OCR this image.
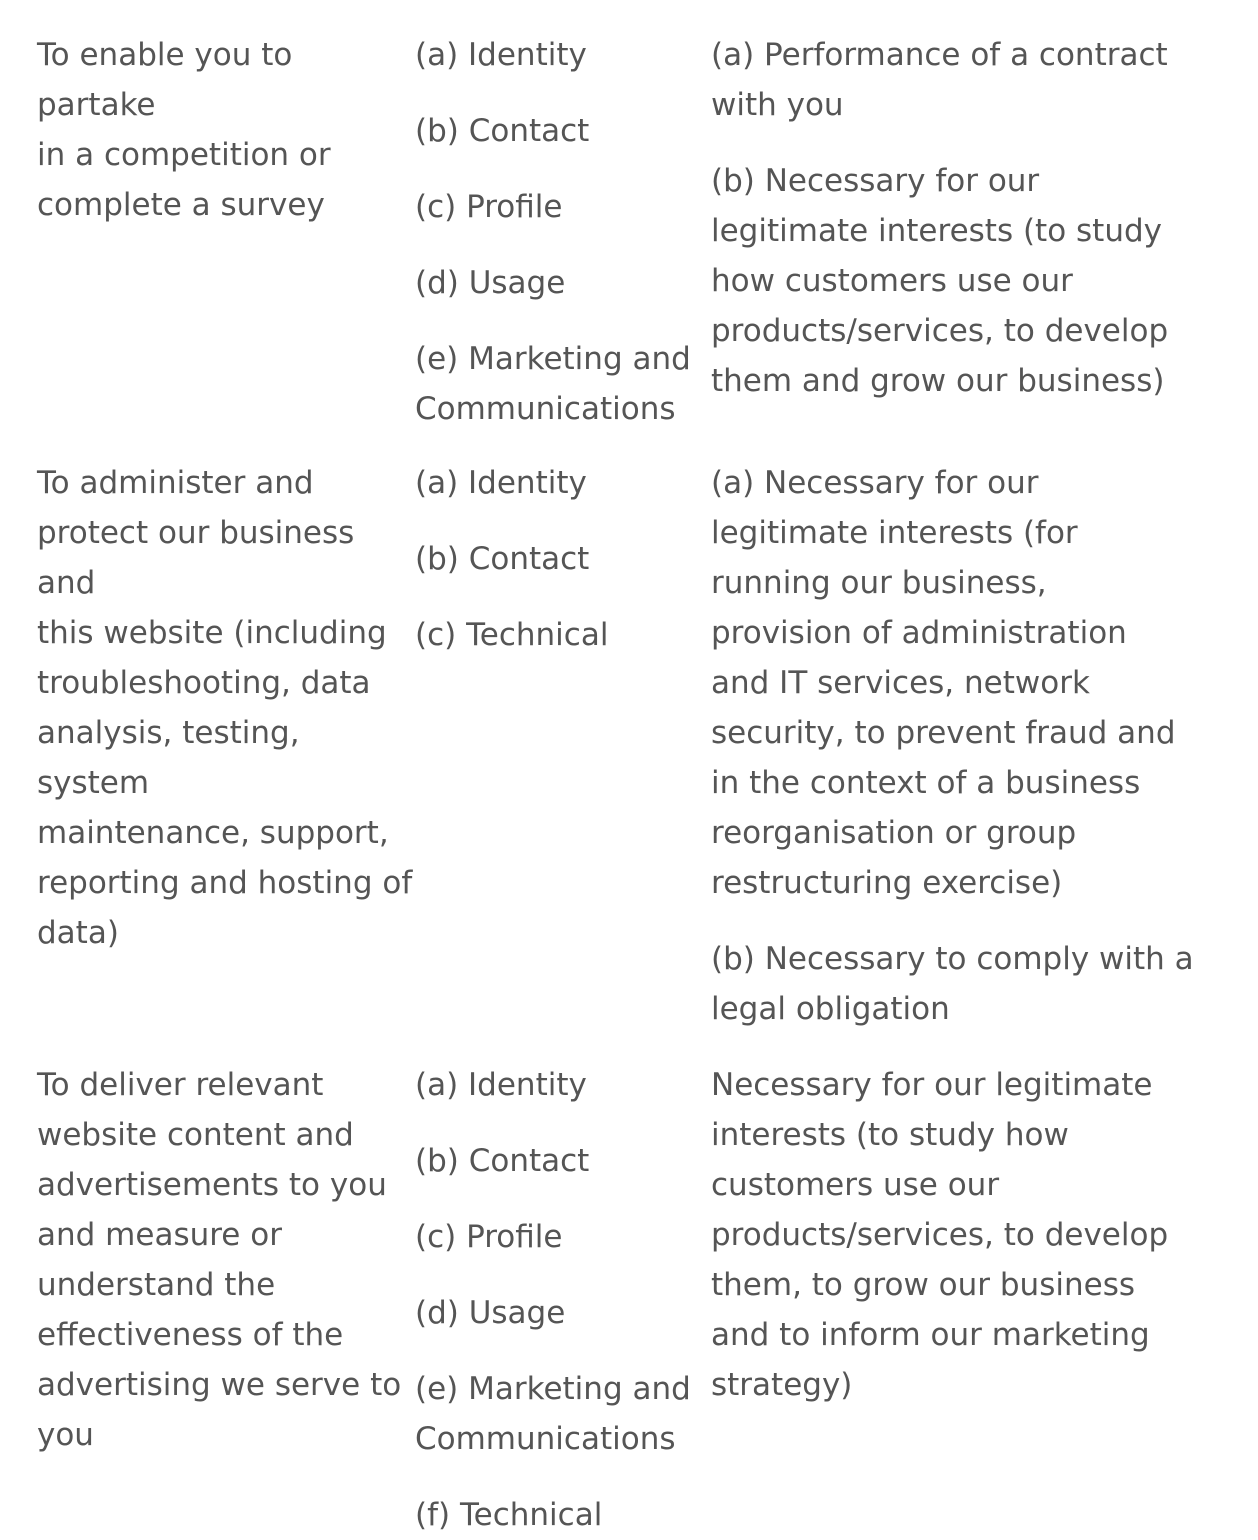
To enable you to partake
in a competition or
complete a survey

(a) Identity

(b) Contact

(c) Profile

(d) Usage

(e) Marketing and
Communications

(a) Performance of a contract
with you

(b) Necessary for our
legitimate interests (to study
how customers use our
products/services, to develop
them and grow our business)

To administer and
protect our business and
this website (including
troubleshooting, data
analysis, testing, system
maintenance, support,
reporting and hosting of
data)

(a) Identity

(b) Contact

(c) Technical

(a) Necessary for our
legitimate interests (for
running our business,
provision of administration
and IT services, network
security, to prevent fraud and
in the context of a business
reorganisation or group
restructuring exercise)

(b) Necessary to comply with a
legal obligation

To deliver relevant
website content and
advertisements to you
and measure or
understand the
effectiveness of the
advertising we serve to
you

(a) Identity

(b) Contact

(c) Profile

(d) Usage

(e) Marketing and
Communications

(f) Technical

Necessary for our legitimate
interests (to study how
customers use our
products/services, to develop
them, to grow our business
and to inform our marketing
strategy)
